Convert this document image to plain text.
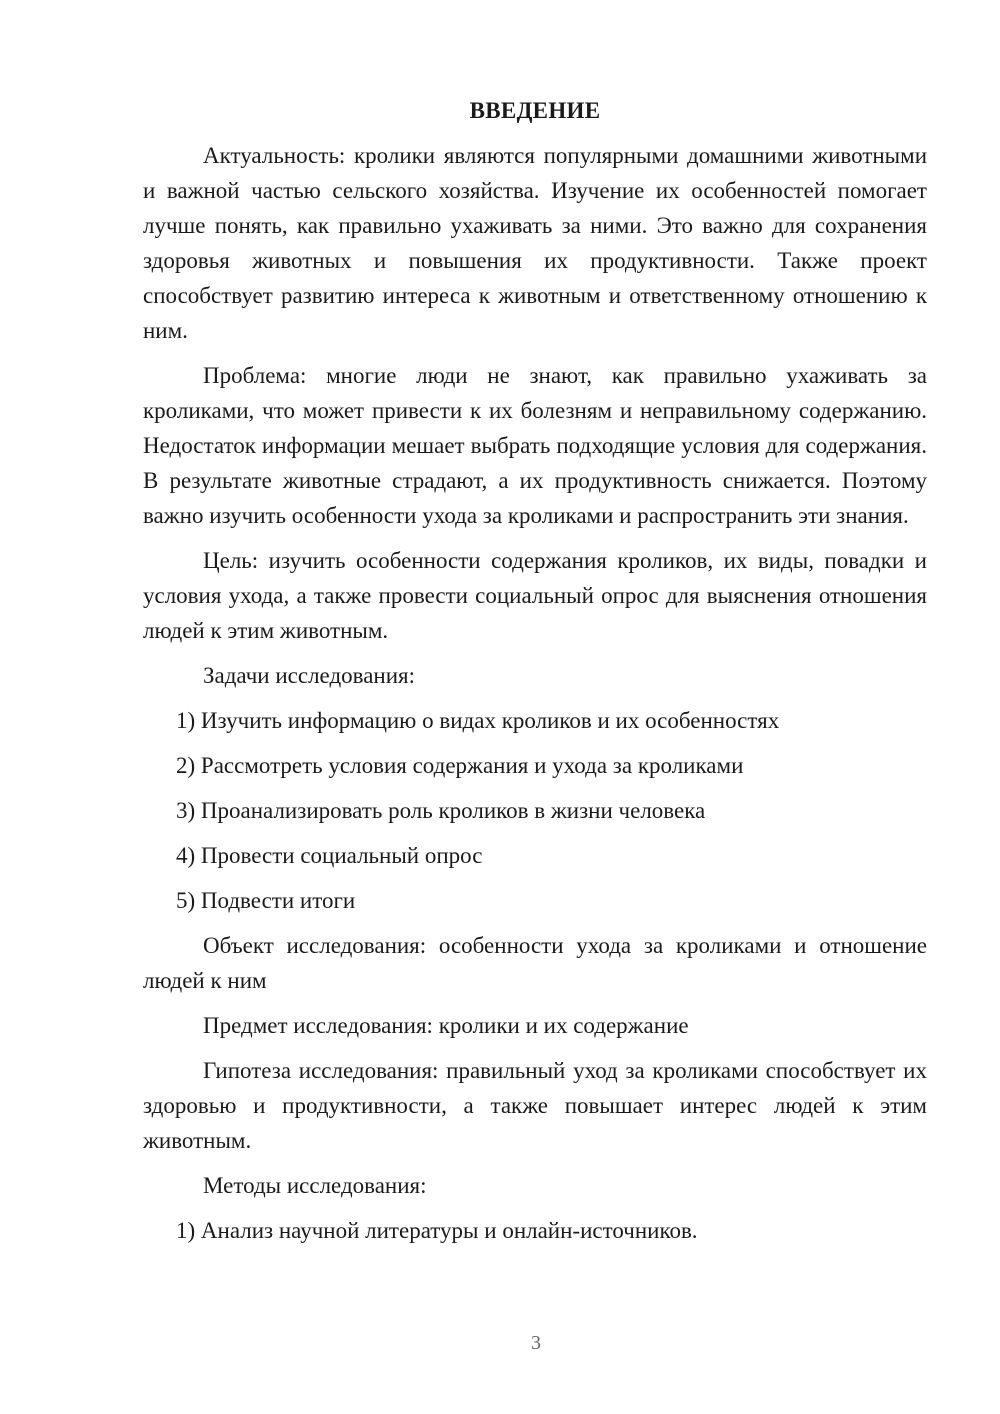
ВВЕДЕНИЕ

Актуальность: кролики являются популярными домашними животными и важной частью сельского хозяйства. Изучение их особенностей помогает лучше понять, как правильно ухаживать за ними. Это важно для сохранения здоровья животных и повышения их продуктивности. Также проект способствует развитию интереса к животным и ответственному отношению к ним.

Проблема: многие люди не знают, как правильно ухаживать за кроликами, что может привести к их болезням и неправильному содержанию. Недостаток информации мешает выбрать подходящие условия для содержания. В результате животные страдают, а их продуктивность снижается. Поэтому важно изучить особенности ухода за кроликами и распространить эти знания.

Цель: изучить особенности содержания кроликов, их виды, повадки и условия ухода, а также провести социальный опрос для выяснения отношения людей к этим животным.

Задачи исследования:

1) Изучить информацию о видах кроликов и их особенностях

2) Рассмотреть условия содержания и ухода за кроликами

3) Проанализировать роль кроликов в жизни человека

4) Провести социальный опрос

5) Подвести итоги

Объект исследования: особенности ухода за кроликами и отношение людей к ним

Предмет исследования: кролики и их содержание

Гипотеза исследования: правильный уход за кроликами способствует их здоровью и продуктивности, а также повышает интерес людей к этим животным.

Методы исследования:

1) Анализ научной литературы и онлайн-источников.

3
